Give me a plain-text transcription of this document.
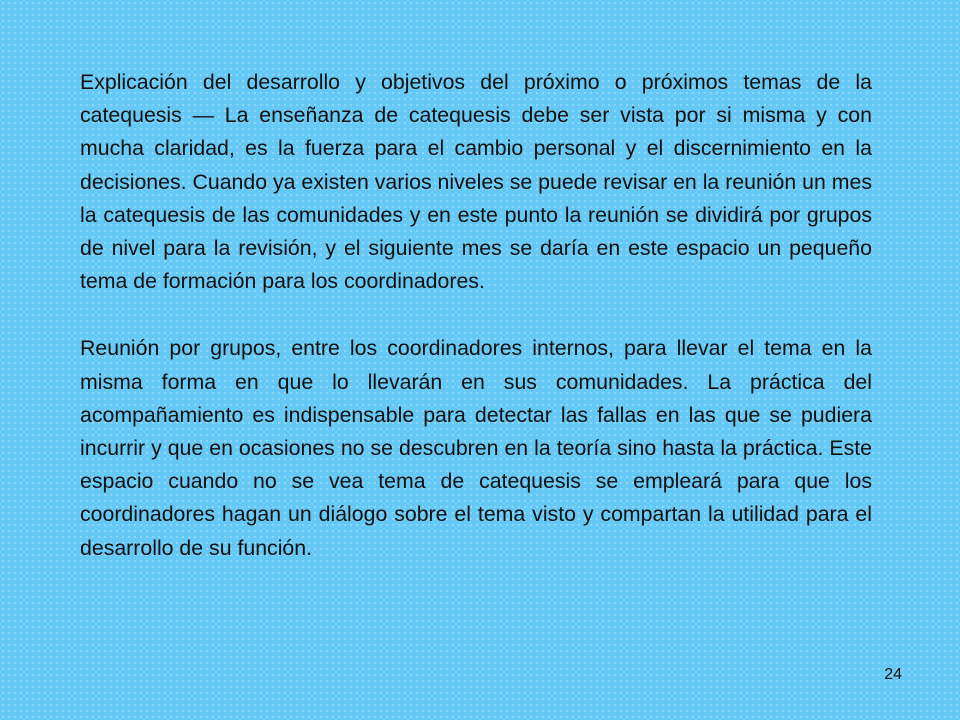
Explicación del desarrollo y objetivos del próximo o próximos temas de la catequesis — La enseñanza de catequesis debe ser vista por si misma y con mucha claridad, es la fuerza para el cambio personal y el discernimiento en la decisiones. Cuando ya existen varios niveles se puede revisar en la reunión un mes la catequesis de las comunidades y en este punto la reunión se dividirá por grupos de nivel para la revisión, y el siguiente mes se daría en este espacio un pequeño tema de formación para los coordinadores.

Reunión por grupos, entre los coordinadores internos, para llevar el tema en la misma forma en que lo llevarán en sus comunidades. La práctica del acompañamiento es indispensable para detectar las fallas en las que se pudiera incurrir y que en ocasiones no se descubren en la teoría sino hasta la práctica. Este espacio cuando no se vea tema de catequesis se empleará para que los coordinadores hagan un diálogo sobre el tema visto y compartan la utilidad para el desarrollo de su función.

24
